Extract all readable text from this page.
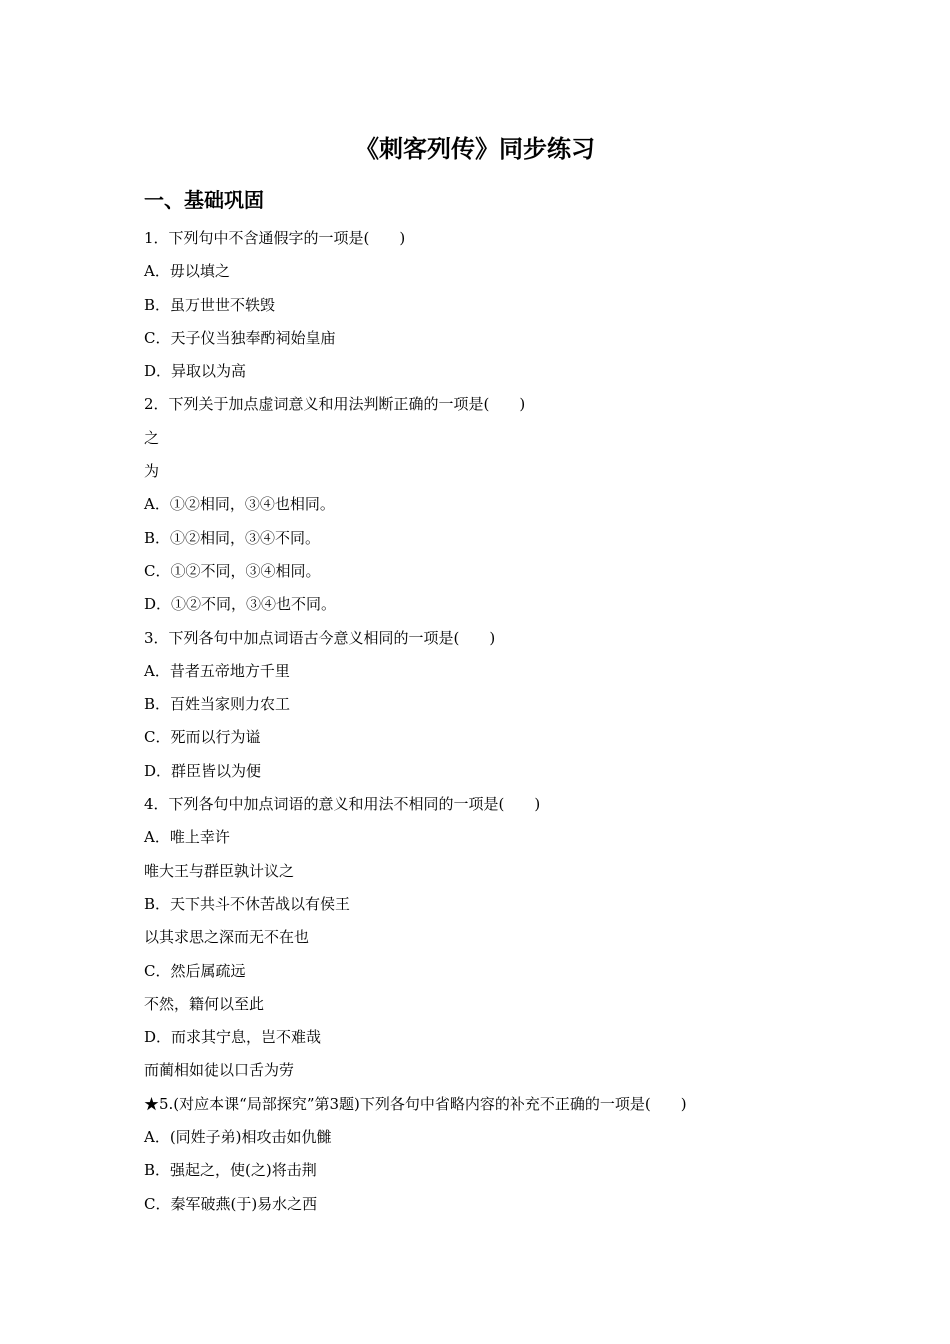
《刺客列传》同步练习
一、基础巩固
1．下列句中不含通假字的一项是(　　)
A．毋以填之
B．虽万世世不轶毁
C．天子仪当独奉酌祠始皇庙
D．异取以为高
2．下列关于加点虚词意义和用法判断正确的一项是(　　)
之
为
A．①②相同，③④也相同。
B．①②相同，③④不同。
C．①②不同，③④相同。
D．①②不同，③④也不同。
3．下列各句中加点词语古今意义相同的一项是(　　)
A．昔者五帝地方千里
B．百姓当家则力农工
C．死而以行为谥
D．群臣皆以为便
4．下列各句中加点词语的意义和用法不相同的一项是(　　)
A．唯上幸许
唯大王与群臣孰计议之
B．天下共斗不休苦战以有侯王
以其求思之深而无不在也
C．然后属疏远
不然，籍何以至此
D．而求其宁息，岂不难哉
而蔺相如徒以口舌为劳
★5.(对应本课“局部探究”第3题)下列各句中省略内容的补充不正确的一项是(　　)
A．(同姓子弟)相攻击如仇雠
B．强起之，使(之)将击荆
C．秦军破燕(于)易水之西
